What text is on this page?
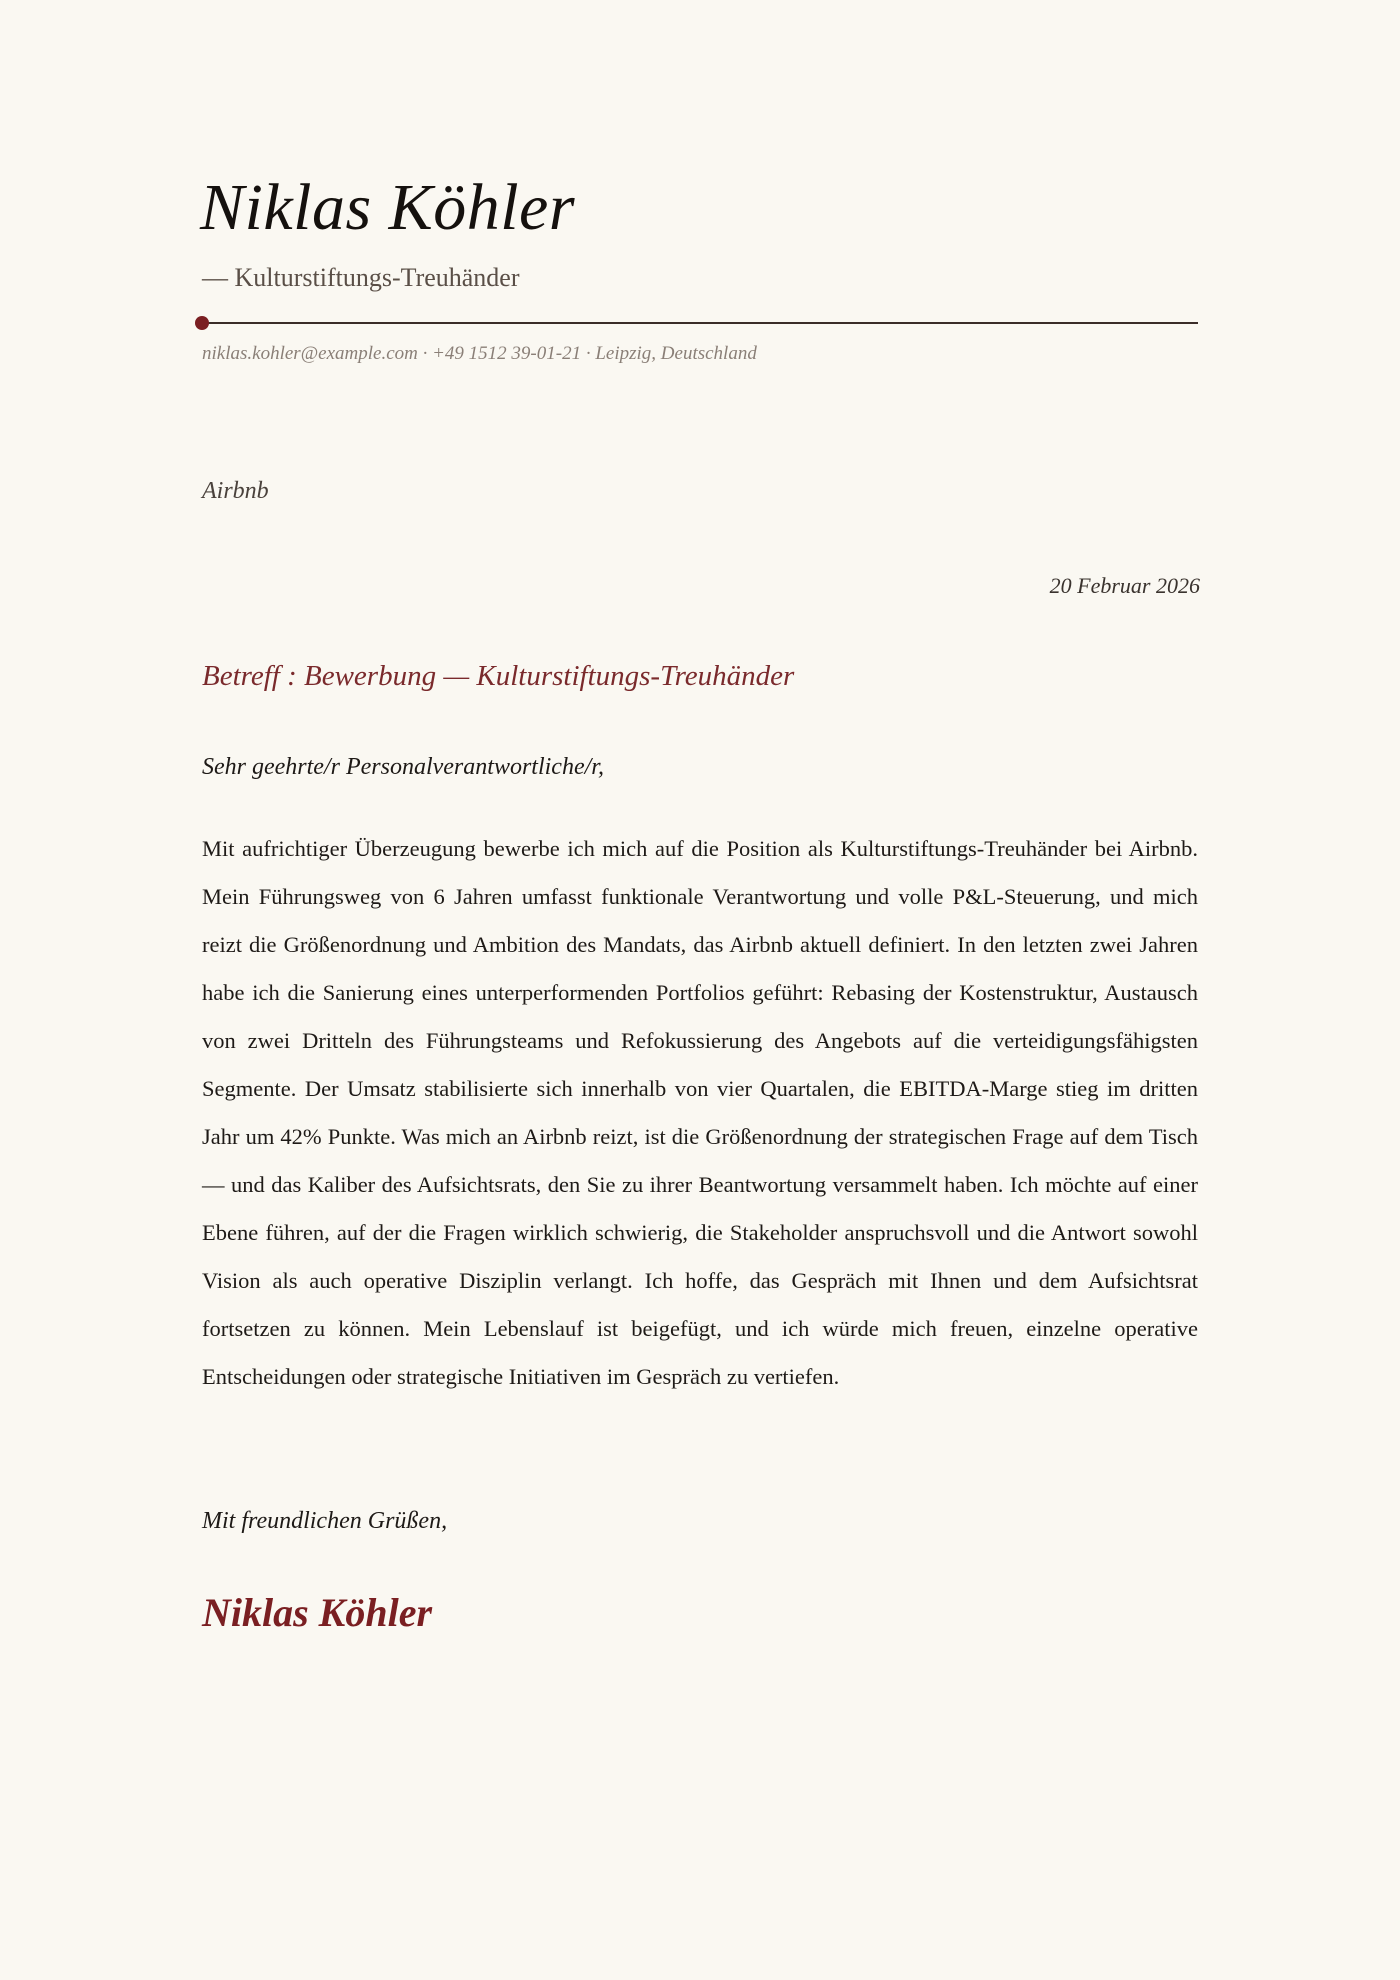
Niklas Köhler
— Kulturstiftungs-Treuhänder
niklas.kohler@example.com · +49 1512 39-01-21 · Leipzig, Deutschland
Airbnb
20 Februar 2026
Betreff : Bewerbung — Kulturstiftungs-Treuhänder
Sehr geehrte/r Personalverantwortliche/r,

Mit aufrichtiger Überzeugung bewerbe ich mich auf die Position als Kulturstiftungs-Treuhänder bei Airbnb. Mein Führungsweg von 6 Jahren umfasst funktionale Verantwortung und volle P&L-Steuerung, und mich reizt die Größenordnung und Ambition des Mandats, das Airbnb aktuell definiert. In den letzten zwei Jahren habe ich die Sanierung eines unterperformenden Portfolios geführt: Rebasing der Kostenstruktur, Austausch von zwei Dritteln des Führungsteams und Refokussierung des Angebots auf die verteidigungsfähigsten Segmente. Der Umsatz stabilisierte sich innerhalb von vier Quartalen, die EBITDA-Marge stieg im dritten Jahr um 42% Punkte. Was mich an Airbnb reizt, ist die Größenordnung der strategischen Frage auf dem Tisch — und das Kaliber des Aufsichtsrats, den Sie zu ihrer Beantwortung versammelt haben. Ich möchte auf einer Ebene führen, auf der die Fragen wirklich schwierig, die Stakeholder anspruchsvoll und die Antwort sowohl Vision als auch operative Disziplin verlangt. Ich hoffe, das Gespräch mit Ihnen und dem Aufsichtsrat fortsetzen zu können. Mein Lebenslauf ist beigefügt, und ich würde mich freuen, einzelne operative Entscheidungen oder strategische Initiativen im Gespräch zu vertiefen.

Mit freundlichen Grüßen,
Niklas Köhler
